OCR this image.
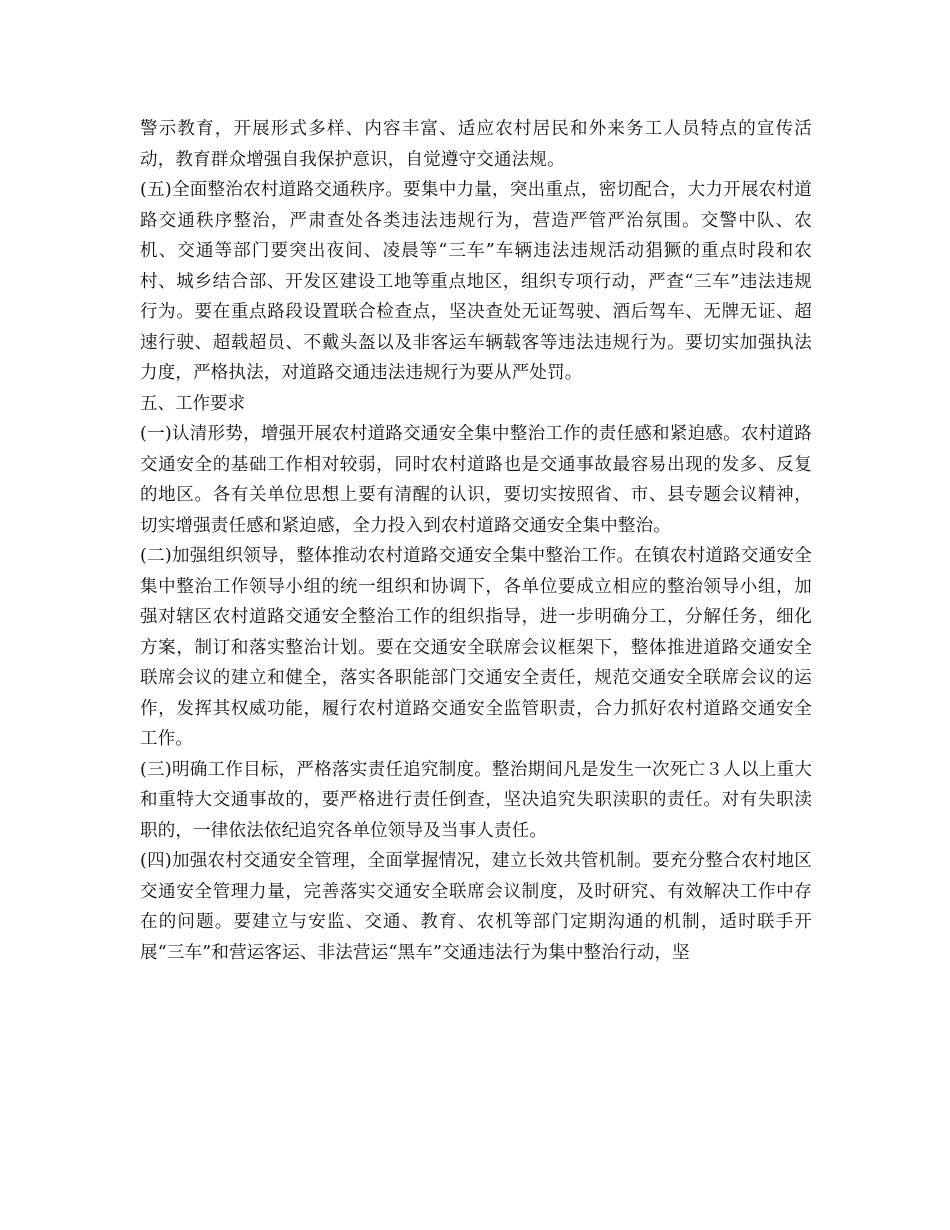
警示教育，开展形式多样、内容丰富、适应农村居民和外来务工人员特点的宣传活动，教育群众增强自我保护意识，自觉遵守交通法规。

(五)全面整治农村道路交通秩序。要集中力量，突出重点，密切配合，大力开展农村道路交通秩序整治，严肃查处各类违法违规行为，营造严管严治氛围。交警中队、农机、交通等部门要突出夜间、凌晨等“三车”车辆违法违规活动猖獗的重点时段和农村、城乡结合部、开发区建设工地等重点地区，组织专项行动，严查“三车”违法违规行为。要在重点路段设置联合检查点，坚决查处无证驾驶、酒后驾车、无牌无证、超速行驶、超载超员、不戴头盔以及非客运车辆载客等违法违规行为。要切实加强执法力度，严格执法，对道路交通违法违规行为要从严处罚。

五、工作要求

(一)认清形势，增强开展农村道路交通安全集中整治工作的责任感和紧迫感。农村道路交通安全的基础工作相对较弱，同时农村道路也是交通事故最容易出现的发多、反复的地区。各有关单位思想上要有清醒的认识，要切实按照省、市、县专题会议精神，切实增强责任感和紧迫感，全力投入到农村道路交通安全集中整治。

(二)加强组织领导，整体推动农村道路交通安全集中整治工作。在镇农村道路交通安全集中整治工作领导小组的统一组织和协调下，各单位要成立相应的整治领导小组，加强对辖区农村道路交通安全整治工作的组织指导，进一步明确分工，分解任务，细化方案，制订和落实整治计划。要在交通安全联席会议框架下，整体推进道路交通安全联席会议的建立和健全，落实各职能部门交通安全责任，规范交通安全联席会议的运作，发挥其权威功能，履行农村道路交通安全监管职责，合力抓好农村道路交通安全工作。

(三)明确工作目标，严格落实责任追究制度。整治期间凡是发生一次死亡３人以上重大和重特大交通事故的，要严格进行责任倒查，坚决追究失职渎职的责任。对有失职渎职的，一律依法依纪追究各单位领导及当事人责任。

(四)加强农村交通安全管理，全面掌握情况，建立长效共管机制。要充分整合农村地区交通安全管理力量，完善落实交通安全联席会议制度，及时研究、有效解决工作中存在的问题。要建立与安监、交通、教育、农机等部门定期沟通的机制，适时联手开展“三车”和营运客运、非法营运“黑车”交通违法行为集中整治行动，坚
